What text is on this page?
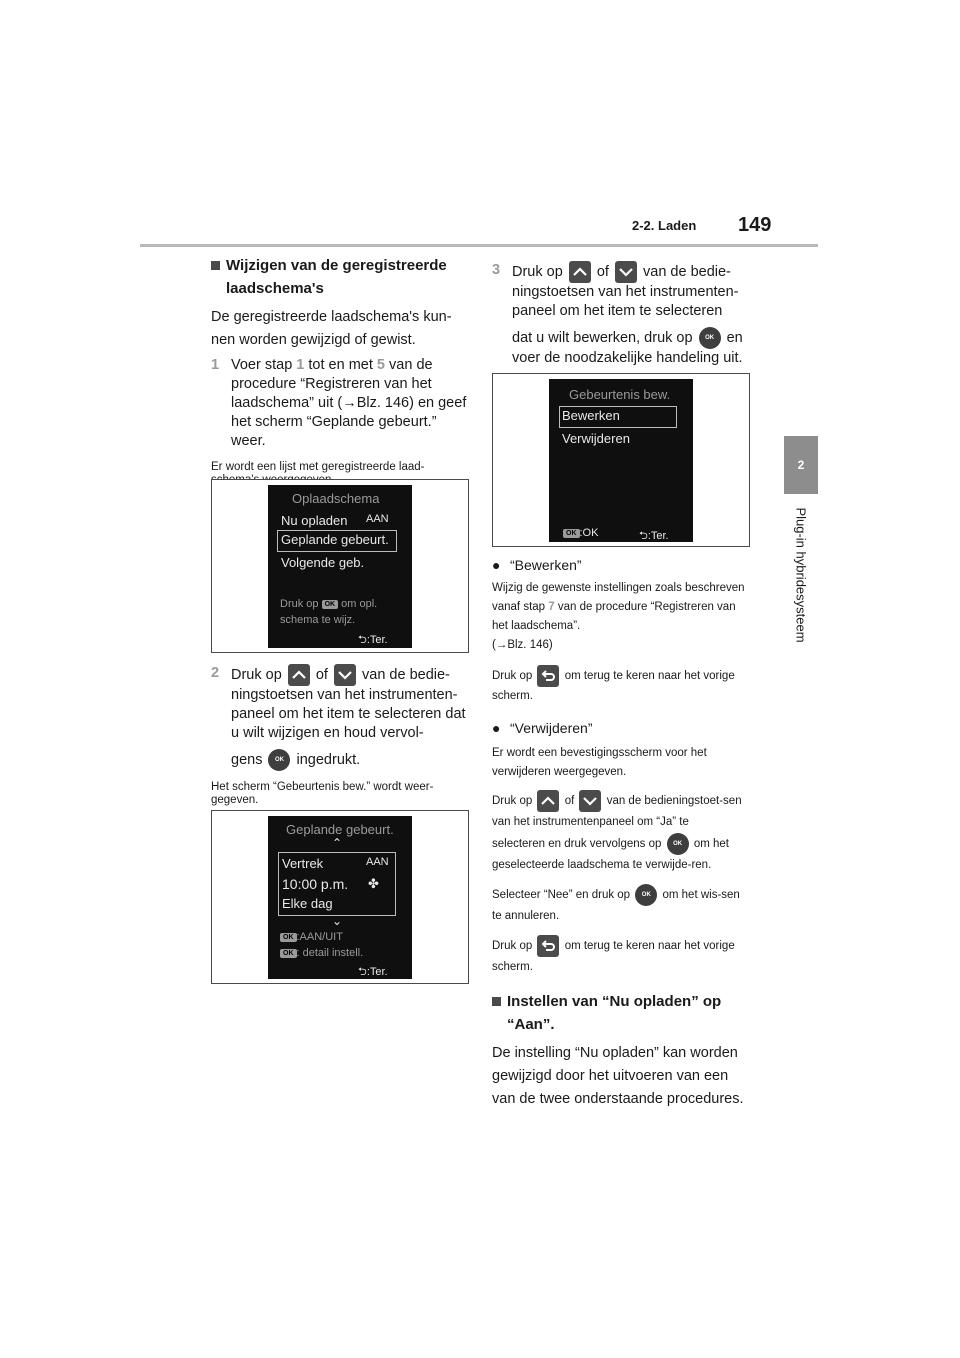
2-2. Laden 149
2
Plug-in hybridesysteem
Wijzigen van de geregistreerde laadschema's

De geregistreerde laadschema's kun-nen worden gewijzigd of gewist.

1 Voer stap 1 tot en met 5 van de procedure “Registreren van het laadschema” uit (→Blz. 146) en geef het scherm “Geplande gebeurt.” weer.
Er wordt een lijst met geregistreerde laad-
Oplaadschema
Nu opladen AAN
Geplande gebeurt.
Volgende geb.
Druk op OK om opl.
schema te wijz.
⮌:Ter.
2 Druk op of van de bedie-ningstoetsen van het instrumenten-paneel om het item te selecteren dat u wilt wijzigen en houd vervol-
gens OK ingedrukt.
Het scherm “Gebeurtenis bew.” wordt weer-gegeven.
Geplande gebeurt.
⌃
Vertrek	AAN
10:00 p.m. ✤
Elke dag
⌄
OK :AAN/UIT
OK : detail instell.
⮌:Ter.
3 Druk op of van de bedie-ningstoetsen van het instrumenten-paneel om het item te selecteren
dat u wilt bewerken, druk op OK en
voer de noodzakelijke handeling uit.
Gebeurtenis bew.
Bewerken
Verwijderen
OK :OK	⮌:Ter.
● “Bewerken”
Wijzig de gewenste instellingen zoals beschreven vanaf stap 7 van de procedure “Registreren van het laadschema”.
(→Blz. 146)
Druk op	om terug te keren naar het vorige scherm.
● “Verwijderen”
Er wordt een bevestigingsscherm voor het verwijderen weergegeven.
Druk op	of	van de bedieningstoet-sen van het instrumentenpaneel om “Ja” te
selecteren en druk vervolgens op OK om het geselecteerde laadschema te verwijde-ren.
Selecteer “Nee” en druk op OK om het wis-sen te annuleren.
Druk op	om terug te keren naar het vorige scherm.
Instellen van “Nu opladen” op “Aan”.

De instelling “Nu opladen” kan worden gewijzigd door het uitvoeren van een van de twee onderstaande procedures.
